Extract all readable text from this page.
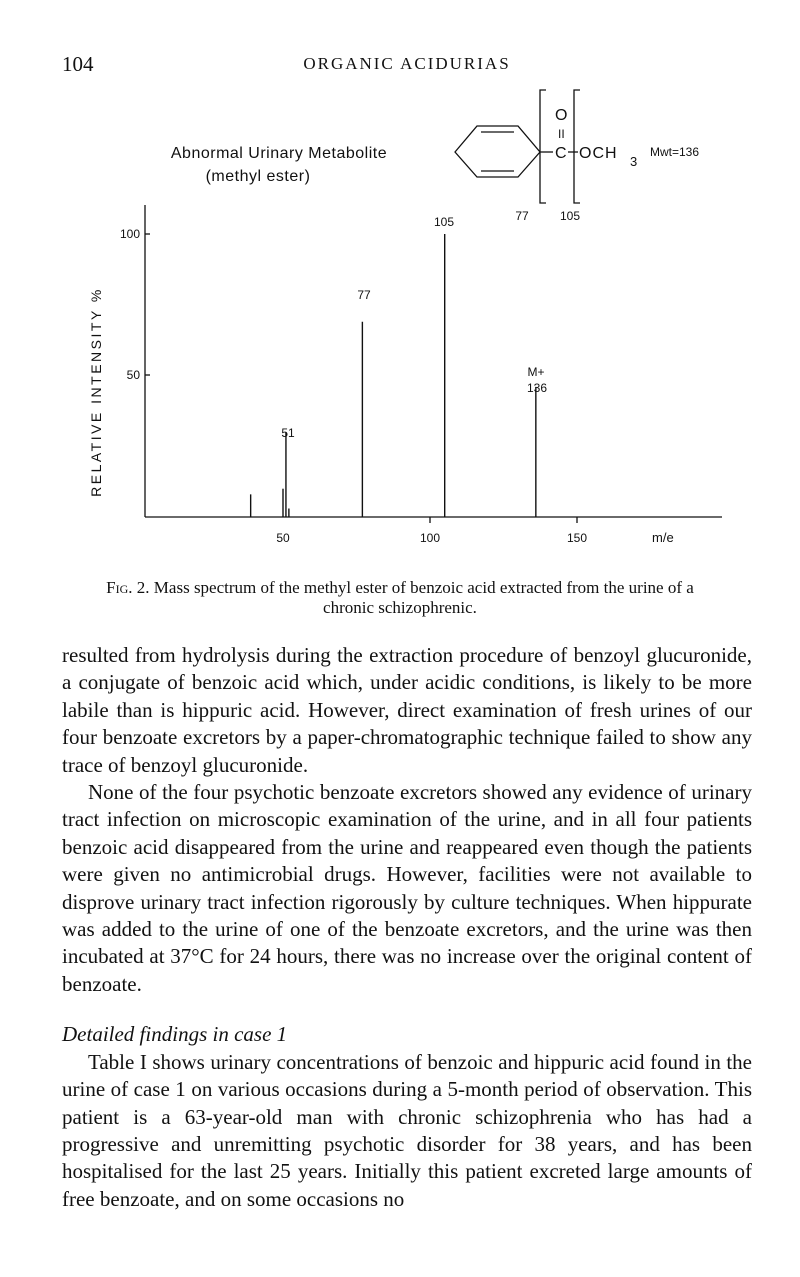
104	ORGANIC ACIDURIAS
RELATIVE INTENSITY %
Abnormal Urinary Metabolite
(methyl ester)
O
II
C OCH 3
Mwt=136
77	105
100
50
50	100	150	m/e
105
77
51
M+
136
Fig. 2. Mass spectrum of the methyl ester of benzoic acid extracted from the urine of a chronic schizophrenic.

resulted from hydrolysis during the extraction procedure of benzoyl glucuronide, a conjugate of benzoic acid which, under acidic conditions, is likely to be more labile than is hippuric acid. However, direct examination of fresh urines of our four benzoate excretors by a paper-chromatographic technique failed to show any trace of benzoyl glucuronide.

None of the four psychotic benzoate excretors showed any evidence of urinary tract infection on microscopic examination of the urine, and in all four patients benzoic acid disappeared from the urine and reappeared even though the patients were given no antimicrobial drugs. However, facilities were not available to disprove urinary tract infection rigorously by culture techniques. When hippurate was added to the urine of one of the benzoate excretors, and the urine was then incubated at 37°C for 24 hours, there was no increase over the original content of benzoate.

Detailed findings in case 1

Table I shows urinary concentrations of benzoic and hippuric acid found in the urine of case 1 on various occasions during a 5-month period of observation. This patient is a 63-year-old man with chronic schizophrenia who has had a progressive and unremitting psychotic disorder for 38 years, and has been hospitalised for the last 25 years. Initially this patient excreted large amounts of free benzoate, and on some occasions no
